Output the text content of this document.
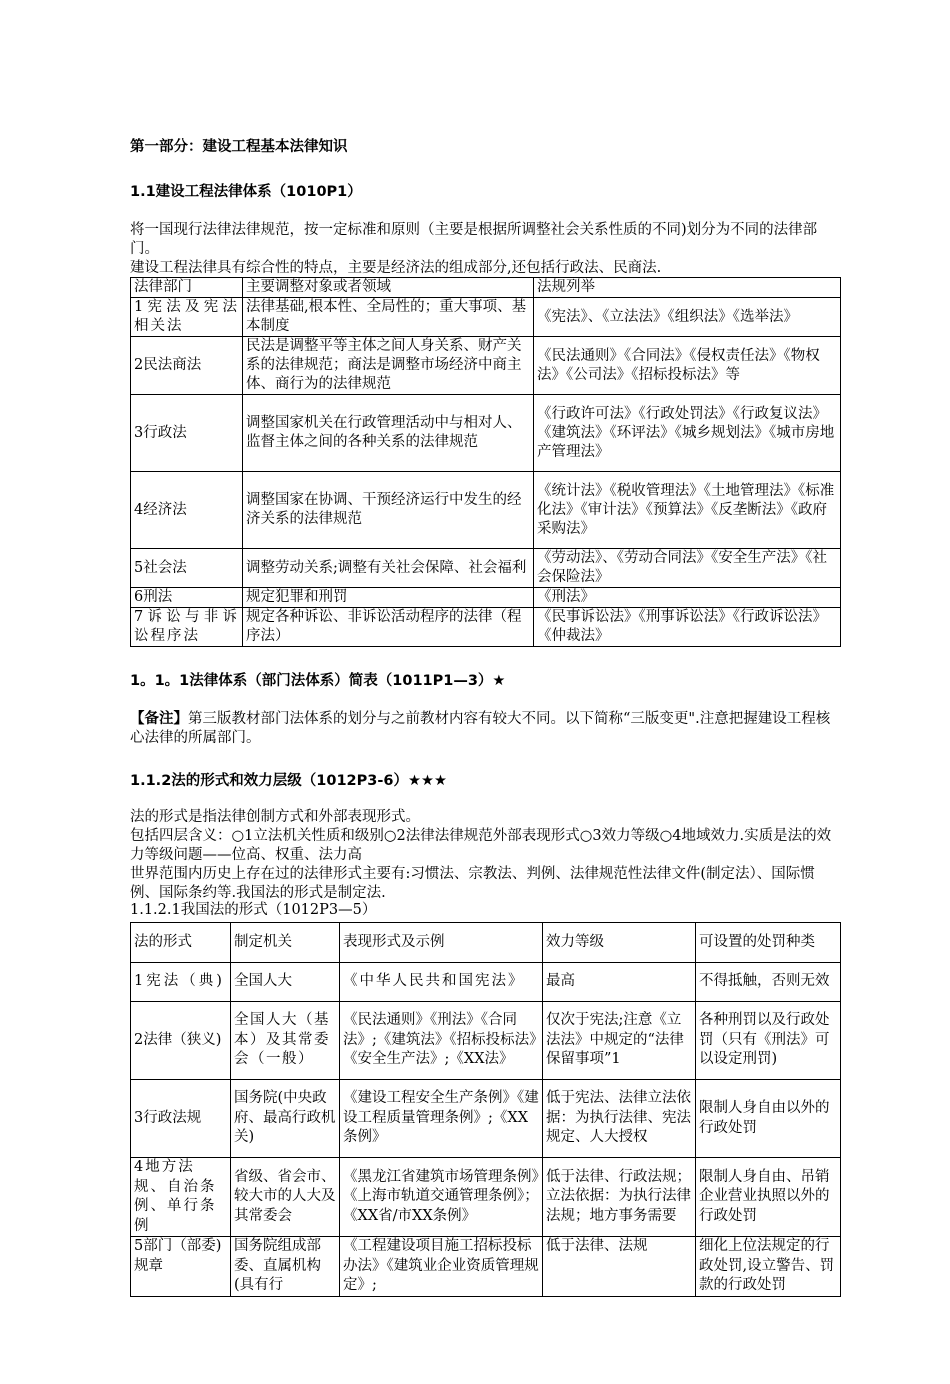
第一部分：建设工程基本法律知识

1.1建设工程法律体系（1010P1）

将一国现行法律法律规范，按一定标准和原则（主要是根据所调整社会关系性质的不同)划分为不同的法律部门。

建设工程法律具有综合性的特点，主要是经济法的组成部分,还包括行政法、民商法.

法律部门	主要调整对象或者领域	法规列举
1宪法及宪法相关法	法律基础,根本性、全局性的；重大事项、基本制度	《宪法》、《立法法》《组织法》《选举法》
2民法商法	民法是调整平等主体之间人身关系、财产关系的法律规范；商法是调整市场经济中商主体、商行为的法律规范	《民法通则》《合同法》《侵权责任法》《物权法》《公司法》《招标投标法》等
3行政法	调整国家机关在行政管理活动中与相对人、监督主体之间的各种关系的法律规范	《行政许可法》《行政处罚法》《行政复议法》《建筑法》《环评法》《城乡规划法》《城市房地产管理法》
4经济法	调整国家在协调、干预经济运行中发生的经济关系的法律规范	《统计法》《税收管理法》《土地管理法》《标准化法》《审计法》《预算法》《反垄断法》《政府采购法》
5社会法	调整劳动关系;调整有关社会保障、社会福利	《劳动法》、《劳动合同法》《安全生产法》《社会保险法》
6刑法	规定犯罪和刑罚	《刑法》
7诉讼与非诉讼程序法	规定各种诉讼、非诉讼活动程序的法律（程序法）	《民事诉讼法》《刑事诉讼法》《行政诉讼法》《仲裁法》

1。1。1法律体系（部门法体系）简表（1011P1—3）★

【备注】第三版教材部门法体系的划分与之前教材内容有较大不同。以下简称“三版变更".注意把握建设工程核心法律的所属部门。

1.1.2法的形式和效力层级（1012P3-6）★★★

法的形式是指法律创制方式和外部表现形式。

包括四层含义：○1立法机关性质和级别○2法律法律规范外部表现形式○3效力等级○4地域效力.实质是法的效力等级问题——位高、权重、法力高

世界范围内历史上存在过的法律形式主要有:习惯法、宗教法、判例、法律规范性法律文件(制定法）、国际惯例、国际条约等.我国法的形式是制定法.

1.1.2.1我国法的形式（1012P3—5）

法的形式	制定机关	表现形式及示例	效力等级	可设置的处罚种类
1宪法（典)	全国人大	《中华人民共和国宪法》	最高	不得抵触，否则无效
2法律（狭义)	全国人大（基本）及其常委会（一般）	《民法通则》《刑法》《合同法》;《建筑法》《招标投标法》《安全生产法》;《XX法》	仅次于宪法;注意《立法法》中规定的“法律保留事项”1	各种刑罚以及行政处罚（只有《刑法》可以设定刑罚)
3行政法规	国务院(中央政府、最高行政机关)	《建设工程安全生产条例》《建设工程质量管理条例》;《XX条例》	低于宪法、法律立法依据：为执行法律、宪法规定、人大授权	限制人身自由以外的行政处罚
4地方法规、自治条例、单行条例	省级、省会市、较大市的人大及其常委会	《黑龙江省建筑市场管理条例》《上海市轨道交通管理条例》；《XX省/市XX条例》	低于法律、行政法规；立法依据：为执行法律法规；地方事务需要	限制人身自由、吊销企业营业执照以外的行政处罚
5部门（部委)规章	国务院组成部委、直属机构(具有行	《工程建设项目施工招标投标办法》《建筑业企业资质管理规定》;	低于法律、法规	细化上位法规定的行政处罚,设立警告、罚款的行政处罚
